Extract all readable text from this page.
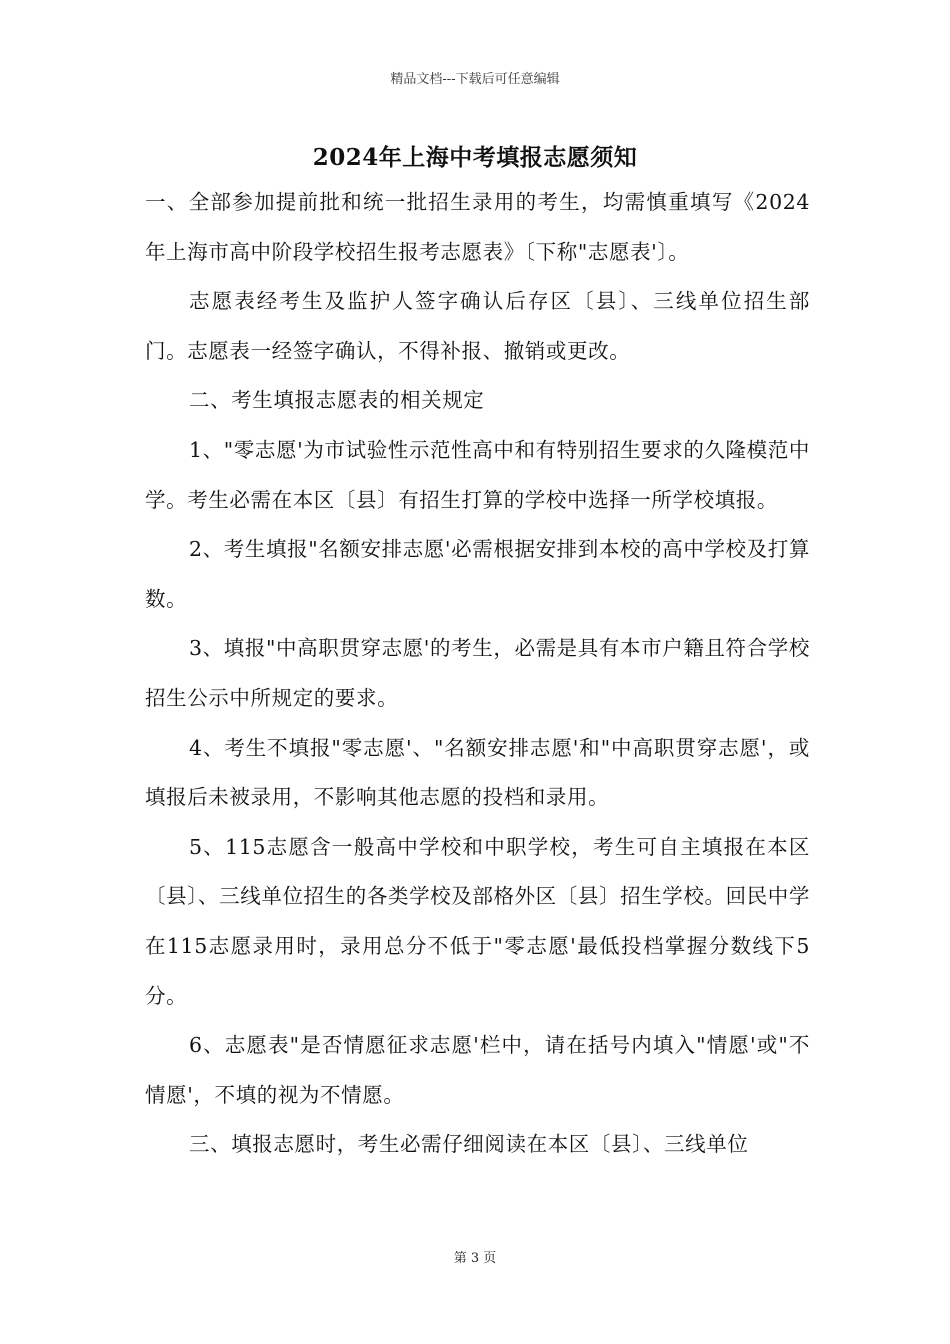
精品文档---下载后可任意编辑
2024年上海中考填报志愿须知

一、全部参加提前批和统一批招生录用的考生，均需慎重填写《2024年上海市高中阶段学校招生报考志愿表》〔下称"志愿表'〕。

志愿表经考生及监护人签字确认后存区〔县〕、三线单位招生部门。志愿表一经签字确认，不得补报、撤销或更改。

二、考生填报志愿表的相关规定

1、"零志愿'为市试验性示范性高中和有特别招生要求的久隆模范中学。考生必需在本区〔县〕有招生打算的学校中选择一所学校填报。

2、考生填报"名额安排志愿'必需根据安排到本校的高中学校及打算数。

3、填报"中高职贯穿志愿'的考生，必需是具有本市户籍且符合学校招生公示中所规定的要求。

4、考生不填报"零志愿'、"名额安排志愿'和"中高职贯穿志愿'，或填报后未被录用，不影响其他志愿的投档和录用。

5、115志愿含一般高中学校和中职学校，考生可自主填报在本区〔县〕、三线单位招生的各类学校及部格外区〔县〕招生学校。回民中学在115志愿录用时，录用总分不低于"零志愿'最低投档掌握分数线下5分。

6、志愿表"是否情愿征求志愿'栏中，请在括号内填入"情愿'或"不情愿'，不填的视为不情愿。

三、填报志愿时，考生必需仔细阅读在本区〔县〕、三线单位

第 3 页
